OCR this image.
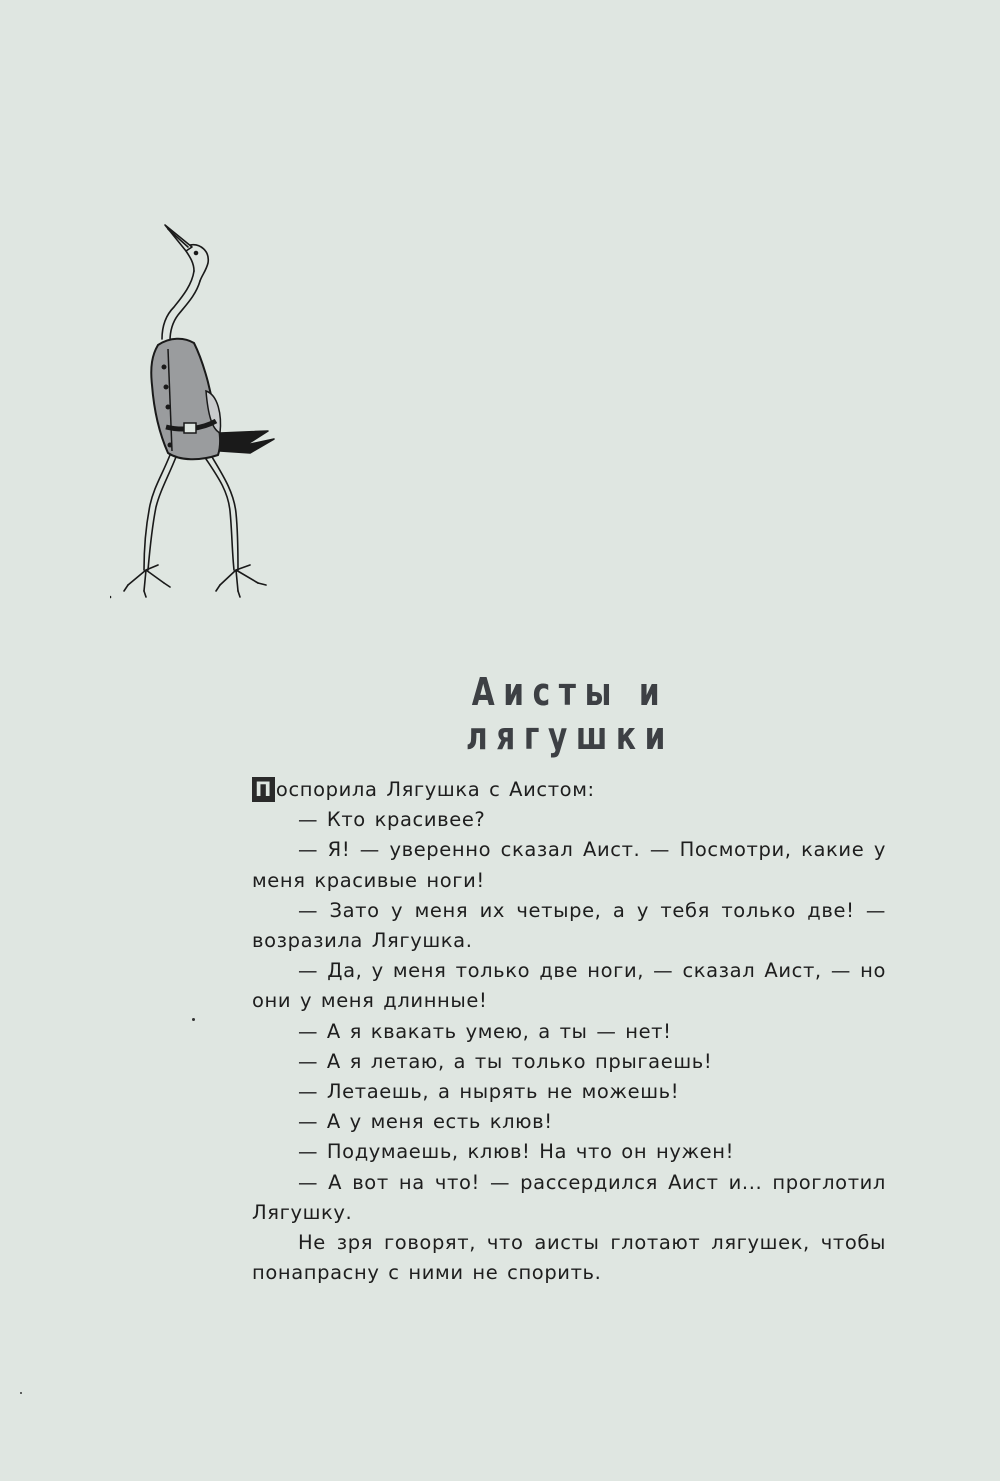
Аисты и лягушки

П оспорила Лягушка с Аистом:

— Кто красивее?

— Я! — уверенно сказал Аист. — Посмотри, какие у меня красивые ноги!

— Зато у меня их четыре, а у тебя только две! — возразила Лягушка.

— Да, у меня только две ноги, — сказал Аист, — но они у меня длинные!

— А я квакать умею, а ты — нет!

— А я летаю, а ты только прыгаешь!

— Летаешь, а нырять не можешь!

— А у меня есть клюв!

— Подумаешь, клюв! На что он нужен!

— А вот на что! — рассердился Аист и... проглотил Лягушку.

Не зря говорят, что аисты глотают лягушек, чтобы понапрасну с ними не спорить.
